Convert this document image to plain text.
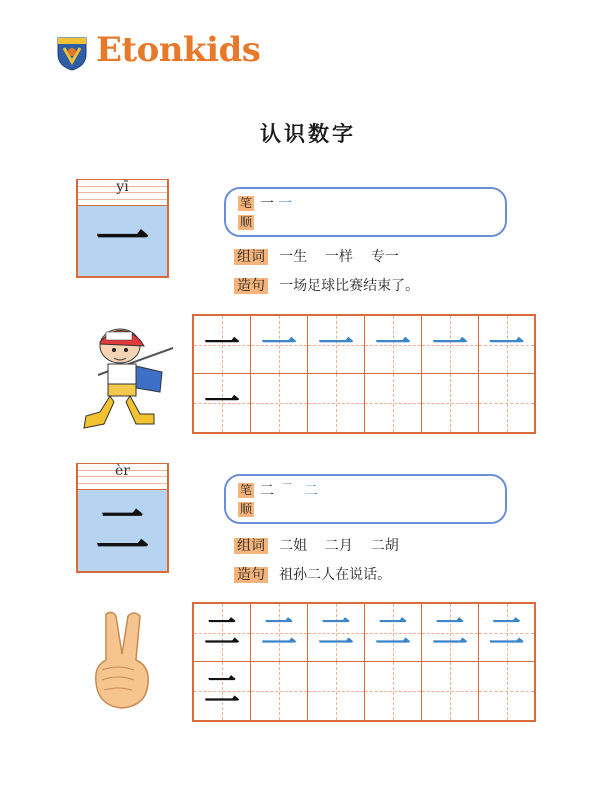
Etonkids
认识数字
yī
一
笔
顺
一 一
组词 一生    一样    专一
造句 一场足球比赛结束了。
一 一 一 一 一 一
一
èr
二
笔
顺
二 一 二
组词 二姐    二月    二胡
造句 祖孙二人在说话。
二 二 二 二 二 二
二
